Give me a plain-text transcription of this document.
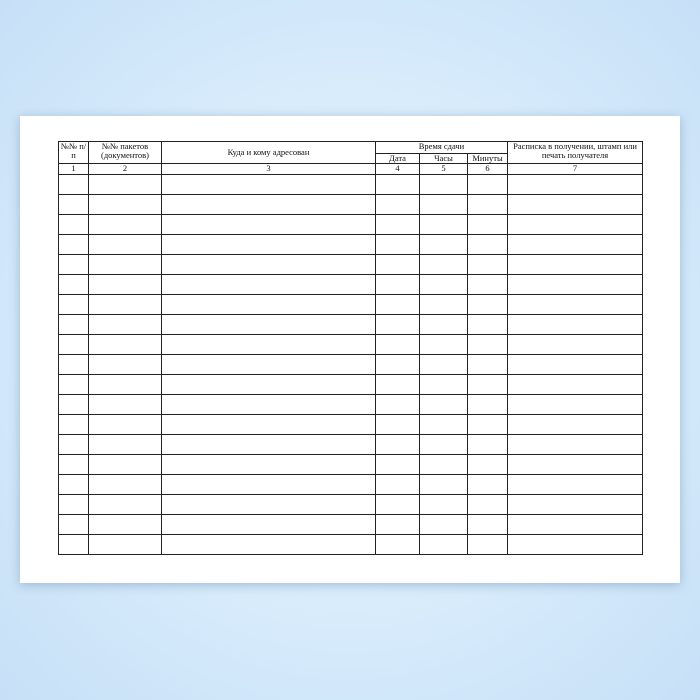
№№ п/п	№№ пакетов (документов)	Куда и кому адресован	Время сдачи			Расписка в получении, штамп или печать получателя
			Дата	Часы	Минуты	
1	2	3	4	5	6	7
